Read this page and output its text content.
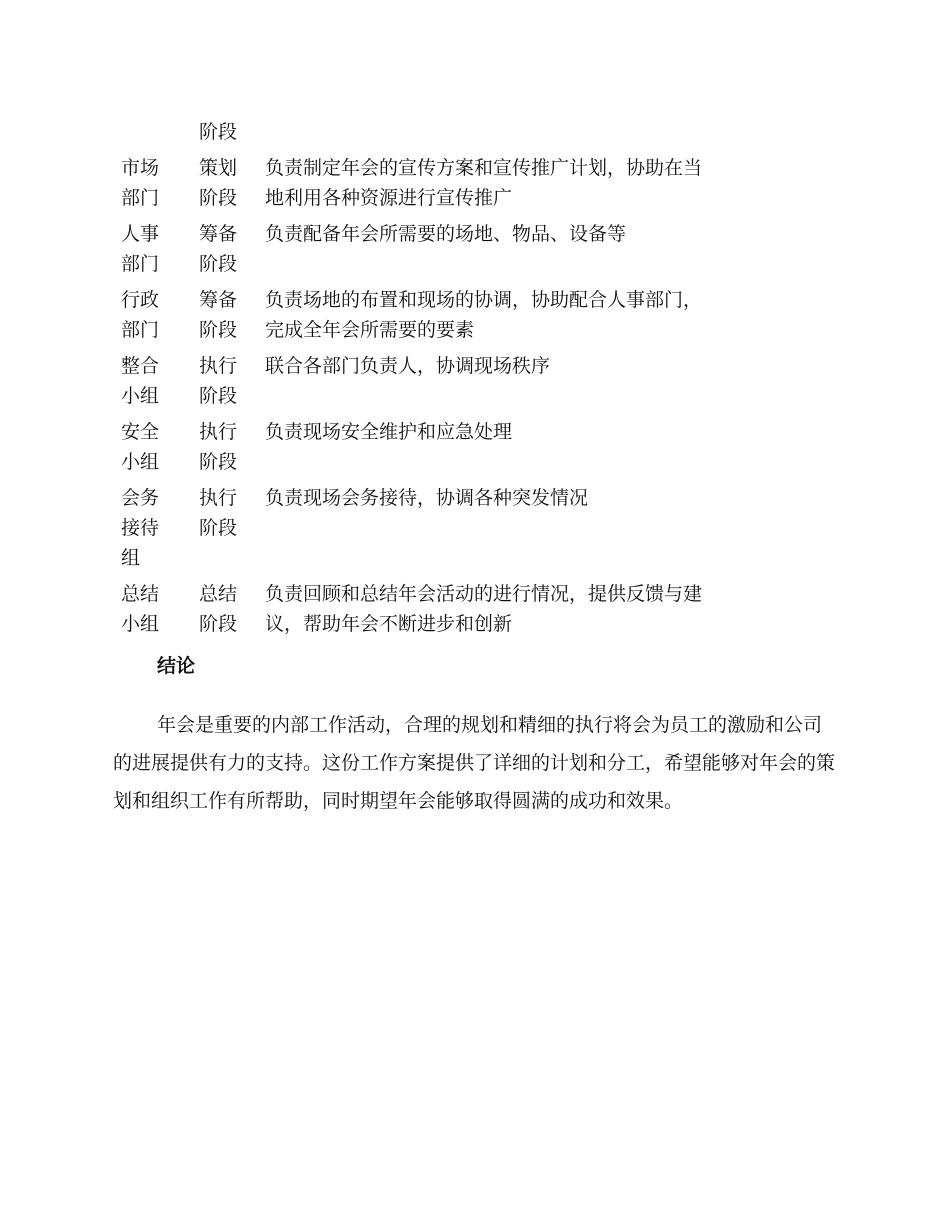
阶段
市场部门
策划阶段
负责制定年会的宣传方案和宣传推广计划，协助在当地利用各种资源进行宣传推广
人事部门
筹备阶段
负责配备年会所需要的场地、物品、设备等
行政部门
筹备阶段
负责场地的布置和现场的协调，协助配合人事部门，完成全年会所需要的要素
整合小组
执行阶段
联合各部门负责人，协调现场秩序
安全小组
执行阶段
负责现场安全维护和应急处理
会务接待组
执行阶段
负责现场会务接待，协调各种突发情况
总结小组
总结阶段
负责回顾和总结年会活动的进行情况，提供反馈与建议，帮助年会不断进步和创新
结论

年会是重要的内部工作活动，合理的规划和精细的执行将会为员工的激励和公司的进展提供有力的支持。这份工作方案提供了详细的计划和分工，希望能够对年会的策划和组织工作有所帮助，同时期望年会能够取得圆满的成功和效果。
